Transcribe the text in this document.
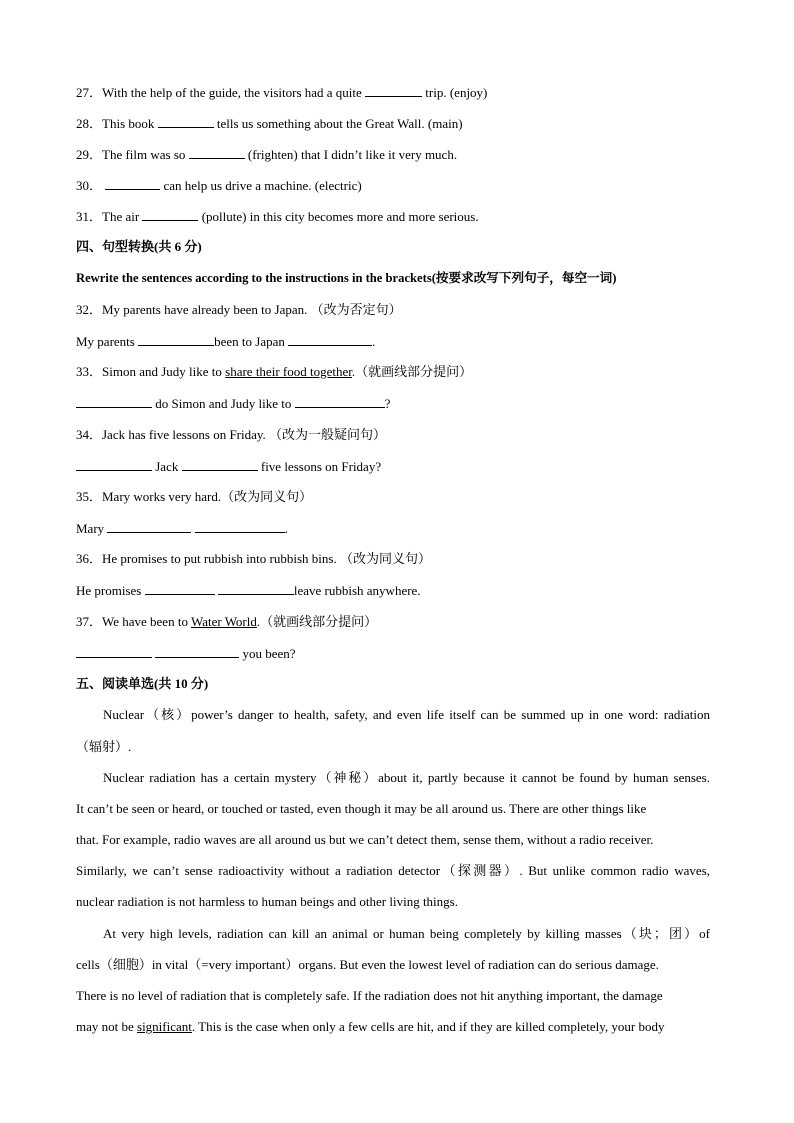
27．With the help of the guide, the visitors had a quite	trip. (enjoy)
28．This book	tells us something about the Great Wall. (main)
29．The film was so	(frighten) that I didn’t like it very much.
30．	can help us drive a machine. (electric)
31．The air	(pollute) in this city becomes more and more serious.
四、句型转换(共 6 分)
Rewrite the sentences according to the instructions in the brackets(按要求改写下列句子，每空一词)
32．My parents have already been to Japan. （改为否定句）
My parents	been to Japan	.
33．Simon and Judy like to share their food together.（就画线部分提问）
do Simon and Judy like to	?
34．Jack has five lessons on Friday. （改为一般疑问句）
Jack	five lessons on Friday?
35．Mary works very hard.（改为同义句）
Mary	.
36．He promises to put rubbish into rubbish bins. （改为同义句）
He promises	leave rubbish anywhere.
37．We have been to Water World.（就画线部分提问）
you been?
五、阅读单选(共 10 分)
Nuclear（核）power’s danger to health, safety, and even life itself can be summed up in one word: radiation
（辐射）.
Nuclear radiation has a certain mystery（神秘）about it, partly because it cannot be found by human senses.
It can’t be seen or heard, or touched or tasted, even though it may be all around us. There are other things like
that. For example, radio waves are all around us but we can’t detect them, sense them, without a radio receiver.
Similarly, we can’t sense radioactivity without a radiation detector（探测器）. But unlike common radio waves,
nuclear radiation is not harmless to human beings and other living things.
At very high levels, radiation can kill an animal or human being completely by killing masses（块；团）of
cells（细胞）in vital（=very important）organs. But even the lowest level of radiation can do serious damage.
There is no level of radiation that is completely safe. If the radiation does not hit anything important, the damage
may not be significant. This is the case when only a few cells are hit, and if they are killed completely, your body
